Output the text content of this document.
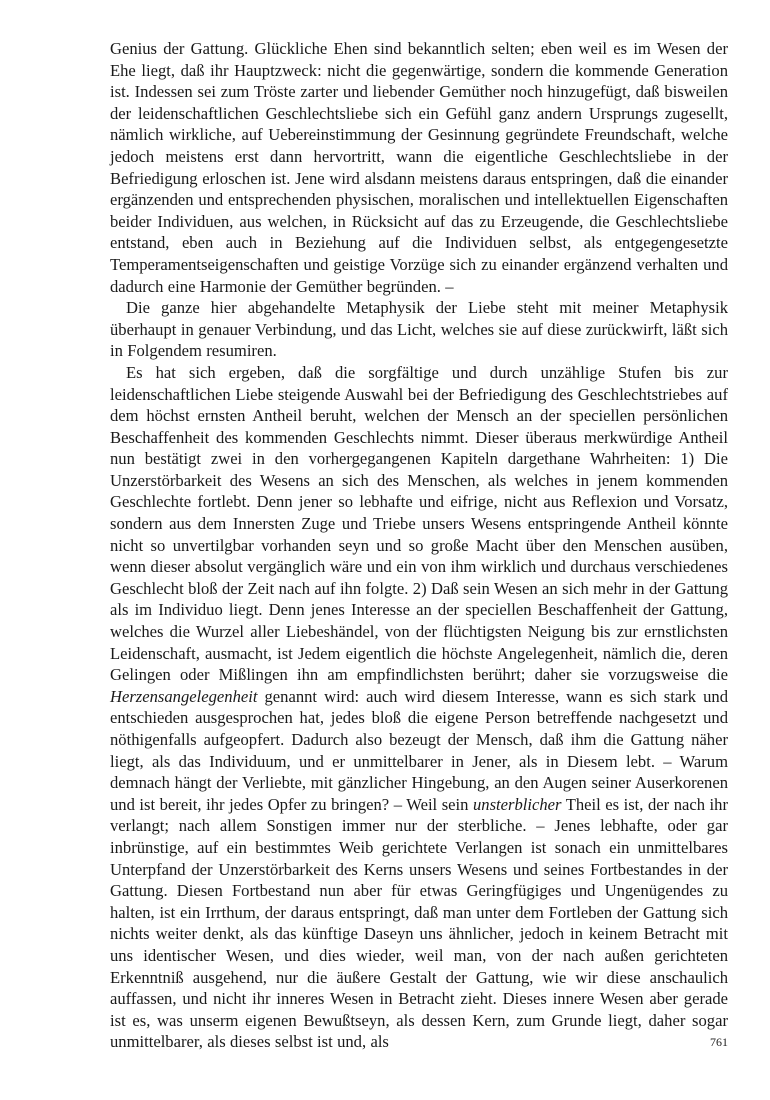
Genius der Gattung. Glückliche Ehen sind bekanntlich selten; eben weil es im Wesen der Ehe liegt, daß ihr Hauptzweck: nicht die gegenwärtige, sondern die kommende Generation ist. Indessen sei zum Tröste zarter und liebender Gemüther noch hinzugefügt, daß bisweilen der leidenschaftlichen Geschlechtsliebe sich ein Gefühl ganz andern Ursprungs zugesellt, nämlich wirkliche, auf Uebereinstimmung der Gesinnung gegründete Freundschaft, welche jedoch meistens erst dann hervortritt, wann die eigentliche Geschlechtsliebe in der Befriedigung erloschen ist. Jene wird alsdann meistens daraus entspringen, daß die einander ergänzenden und entsprechenden physischen, moralischen und intellektuellen Eigenschaften beider Individuen, aus welchen, in Rücksicht auf das zu Erzeugende, die Geschlechtsliebe entstand, eben auch in Beziehung auf die Individuen selbst, als entgegengesetzte Temperamentseigenschaften und geistige Vorzüge sich zu einander ergänzend verhalten und dadurch eine Harmonie der Gemüther begründen. –

Die ganze hier abgehandelte Metaphysik der Liebe steht mit meiner Metaphysik überhaupt in genauer Verbindung, und das Licht, welches sie auf diese zurückwirft, läßt sich in Folgendem resumiren.

Es hat sich ergeben, daß die sorgfältige und durch unzählige Stufen bis zur leidenschaftlichen Liebe steigende Auswahl bei der Befriedigung des Geschlechtstriebes auf dem höchst ernsten Antheil beruht, welchen der Mensch an der speciellen persönlichen Beschaffenheit des kommenden Geschlechts nimmt. Dieser überaus merkwürdige Antheil nun bestätigt zwei in den vorhergegangenen Kapiteln dargethane Wahrheiten: 1) Die Unzerstörbarkeit des Wesens an sich des Menschen, als welches in jenem kommenden Geschlechte fortlebt. Denn jener so lebhafte und eifrige, nicht aus Reflexion und Vorsatz, sondern aus dem Innersten Zuge und Triebe unsers Wesens entspringende Antheil könnte nicht so unvertilgbar vorhanden seyn und so große Macht über den Menschen ausüben, wenn dieser absolut vergänglich wäre und ein von ihm wirklich und durchaus verschiedenes Geschlecht bloß der Zeit nach auf ihn folgte. 2) Daß sein Wesen an sich mehr in der Gattung als im Individuo liegt. Denn jenes Interesse an der speciellen Beschaffenheit der Gattung, welches die Wurzel aller Liebeshändel, von der flüchtigsten Neigung bis zur ernstlichsten Leidenschaft, ausmacht, ist Jedem eigentlich die höchste Angelegenheit, nämlich die, deren Gelingen oder Mißlingen ihn am empfindlichsten berührt; daher sie vorzugsweise die Herzensangelegenheit genannt wird: auch wird diesem Interesse, wann es sich stark und entschieden ausgesprochen hat, jedes bloß die eigene Person betreffende nachgesetzt und nöthigenfalls aufgeopfert. Dadurch also bezeugt der Mensch, daß ihm die Gattung näher liegt, als das Individuum, und er unmittelbarer in Jener, als in Diesem lebt. – Warum demnach hängt der Verliebte, mit gänzlicher Hingebung, an den Augen seiner Auserkorenen und ist bereit, ihr jedes Opfer zu bringen? – Weil sein unsterblicher Theil es ist, der nach ihr verlangt; nach allem Sonstigen immer nur der sterbliche. – Jenes lebhafte, oder gar inbrünstige, auf ein bestimmtes Weib gerichtete Verlangen ist sonach ein unmittelbares Unterpfand der Unzerstörbarkeit des Kerns unsers Wesens und seines Fortbestandes in der Gattung. Diesen Fortbestand nun aber für etwas Geringfügiges und Ungenügendes zu halten, ist ein Irrthum, der daraus entspringt, daß man unter dem Fortleben der Gattung sich nichts weiter denkt, als das künftige Daseyn uns ähnlicher, jedoch in keinem Betracht mit uns identischer Wesen, und dies wieder, weil man, von der nach außen gerichteten Erkenntniß ausgehend, nur die äußere Gestalt der Gattung, wie wir diese anschaulich auffassen, und nicht ihr inneres Wesen in Betracht zieht. Dieses innere Wesen aber gerade ist es, was unserm eigenen Bewußtseyn, als dessen Kern, zum Grunde liegt, daher sogar unmittelbarer, als dieses selbst ist und, als	761
